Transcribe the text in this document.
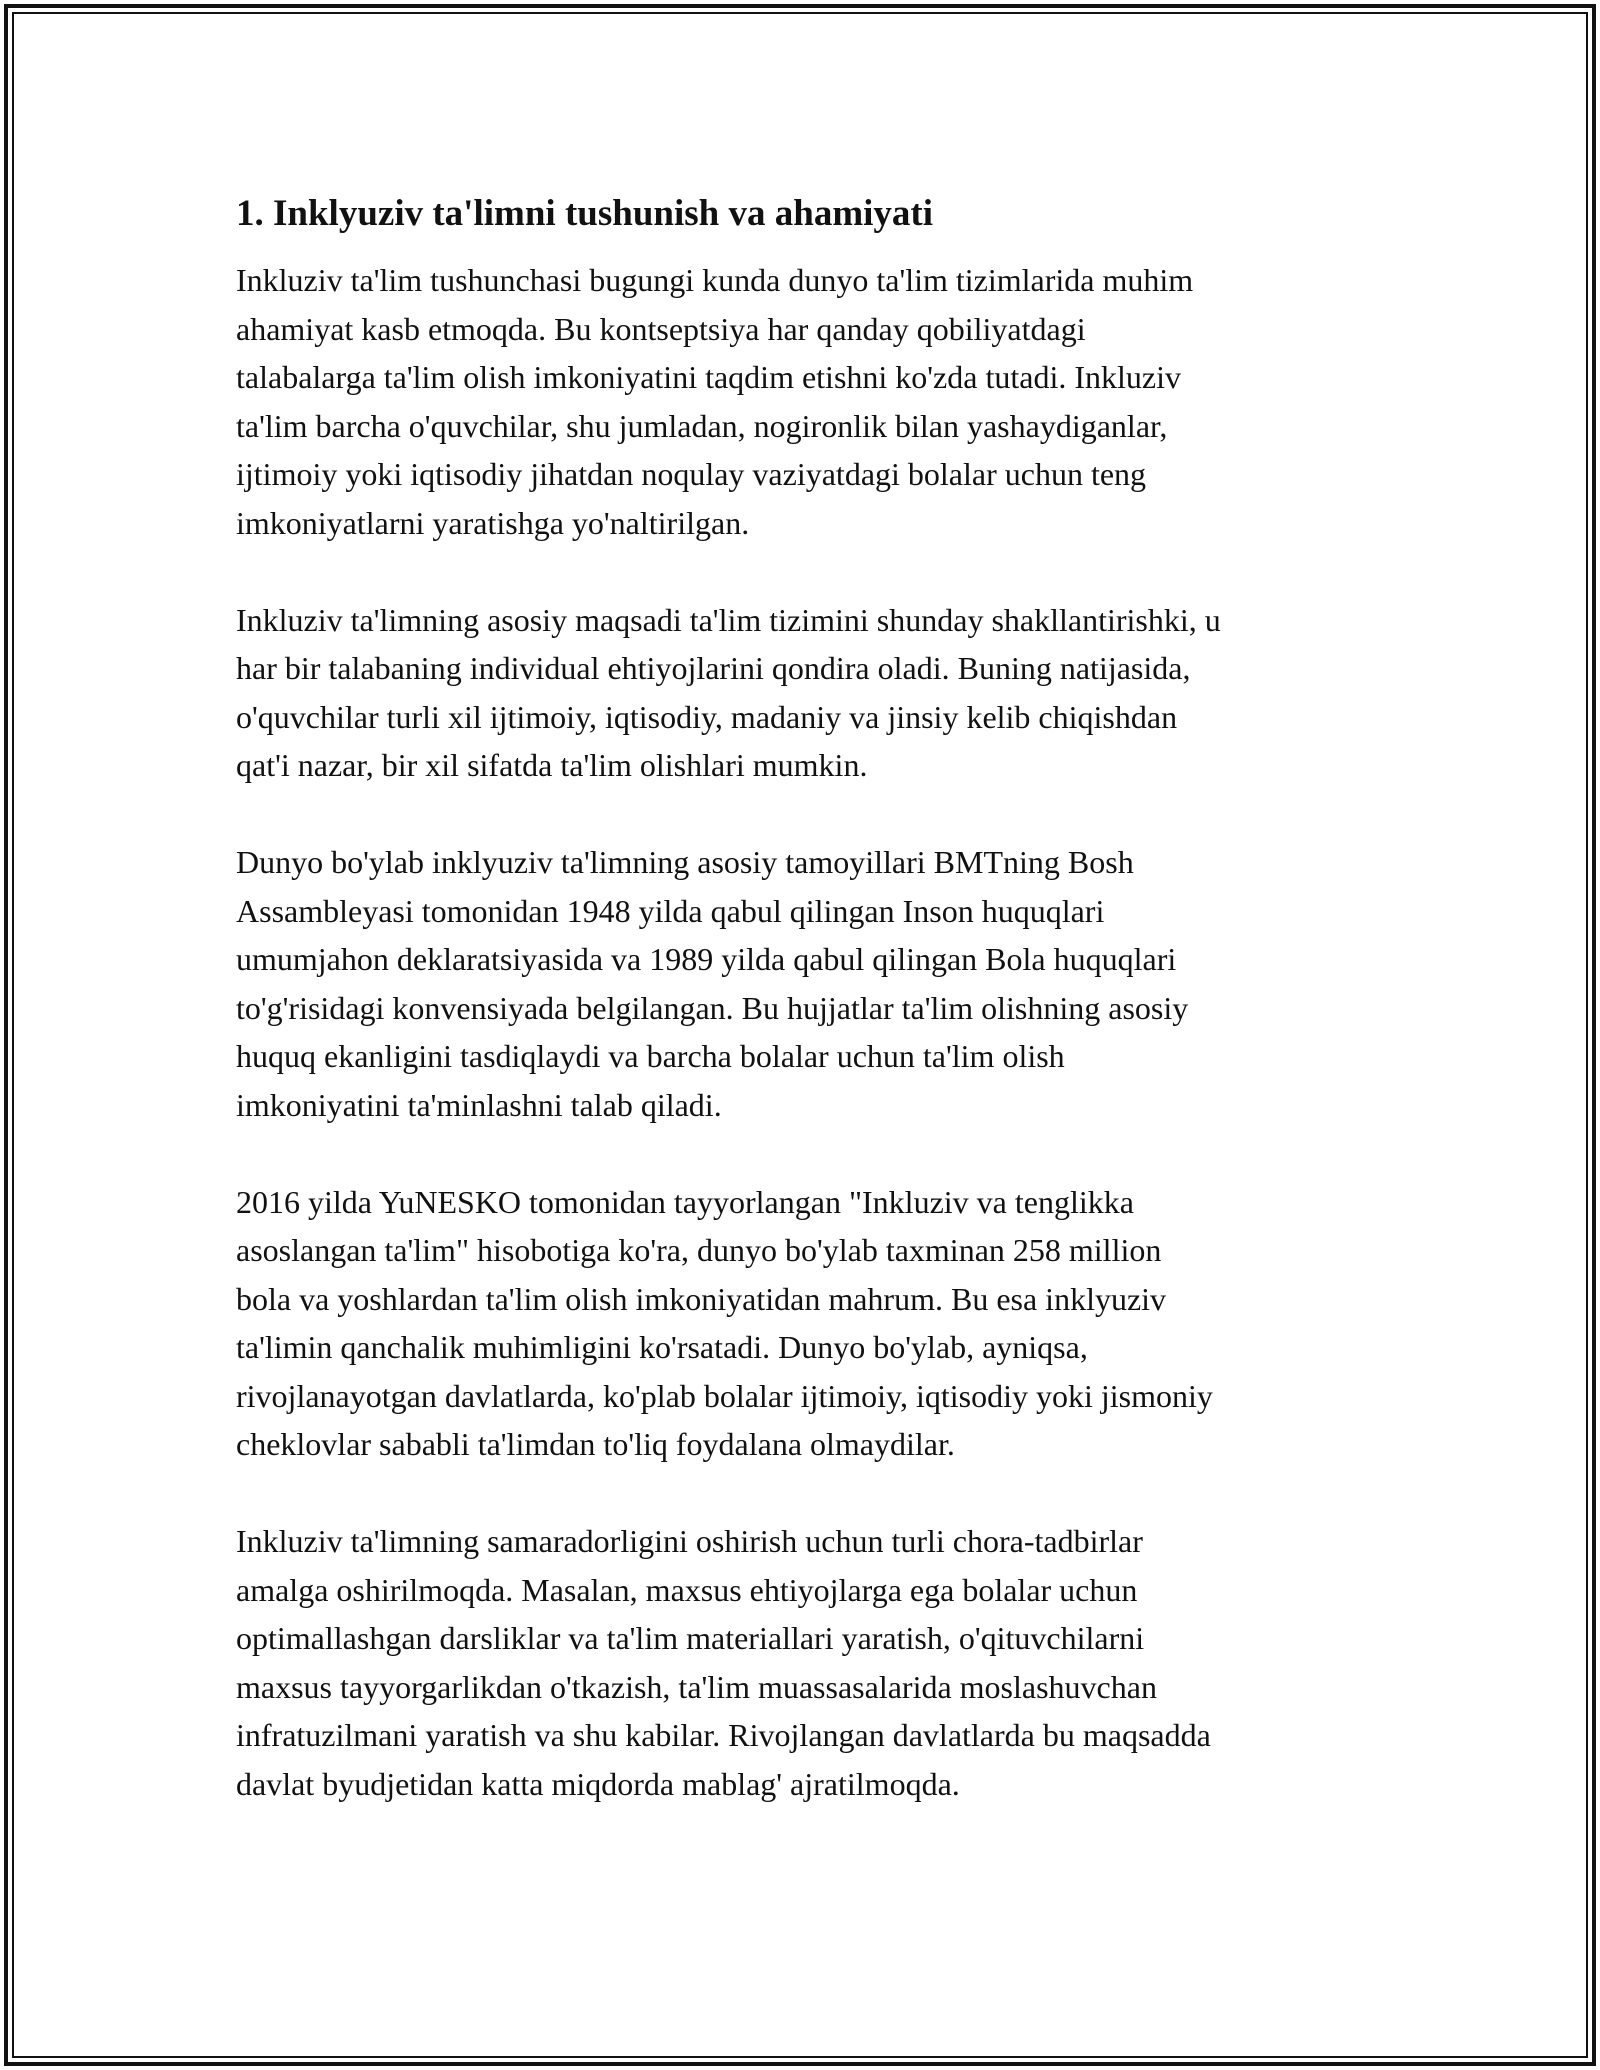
1. Inklyuziv ta'limni tushunish va ahamiyati

Inkluziv ta'lim tushunchasi bugungi kunda dunyo ta'lim tizimlarida muhim
ahamiyat kasb etmoqda. Bu kontseptsiya har qanday qobiliyatdagi
talabalarga ta'lim olish imkoniyatini taqdim etishni ko'zda tutadi. Inkluziv
ta'lim barcha o'quvchilar, shu jumladan, nogironlik bilan yashaydiganlar,
ijtimoiy yoki iqtisodiy jihatdan noqulay vaziyatdagi bolalar uchun teng
imkoniyatlarni yaratishga yo'naltirilgan.

Inkluziv ta'limning asosiy maqsadi ta'lim tizimini shunday shakllantirishki, u
har bir talabaning individual ehtiyojlarini qondira oladi. Buning natijasida,
o'quvchilar turli xil ijtimoiy, iqtisodiy, madaniy va jinsiy kelib chiqishdan
qat'i nazar, bir xil sifatda ta'lim olishlari mumkin.

Dunyo bo'ylab inklyuziv ta'limning asosiy tamoyillari BMTning Bosh
Assambleyasi tomonidan 1948 yilda qabul qilingan Inson huquqlari
umumjahon deklaratsiyasida va 1989 yilda qabul qilingan Bola huquqlari
to'g'risidagi konvensiyada belgilangan. Bu hujjatlar ta'lim olishning asosiy
huquq ekanligini tasdiqlaydi va barcha bolalar uchun ta'lim olish
imkoniyatini ta'minlashni talab qiladi.

2016 yilda YuNESKO tomonidan tayyorlangan "Inkluziv va tenglikka
asoslangan ta'lim" hisobotiga ko'ra, dunyo bo'ylab taxminan 258 million
bola va yoshlardan ta'lim olish imkoniyatidan mahrum. Bu esa inklyuziv
ta'limin qanchalik muhimligini ko'rsatadi. Dunyo bo'ylab, ayniqsa,
rivojlanayotgan davlatlarda, ko'plab bolalar ijtimoiy, iqtisodiy yoki jismoniy
cheklovlar sababli ta'limdan to'liq foydalana olmaydilar.

Inkluziv ta'limning samaradorligini oshirish uchun turli chora-tadbirlar
amalga oshirilmoqda. Masalan, maxsus ehtiyojlarga ega bolalar uchun
optimallashgan darsliklar va ta'lim materiallari yaratish, o'qituvchilarni
maxsus tayyorgarlikdan o'tkazish, ta'lim muassasalarida moslashuvchan
infratuzilmani yaratish va shu kabilar. Rivojlangan davlatlarda bu maqsadda
davlat byudjetidan katta miqdorda mablag' ajratilmoqda.
